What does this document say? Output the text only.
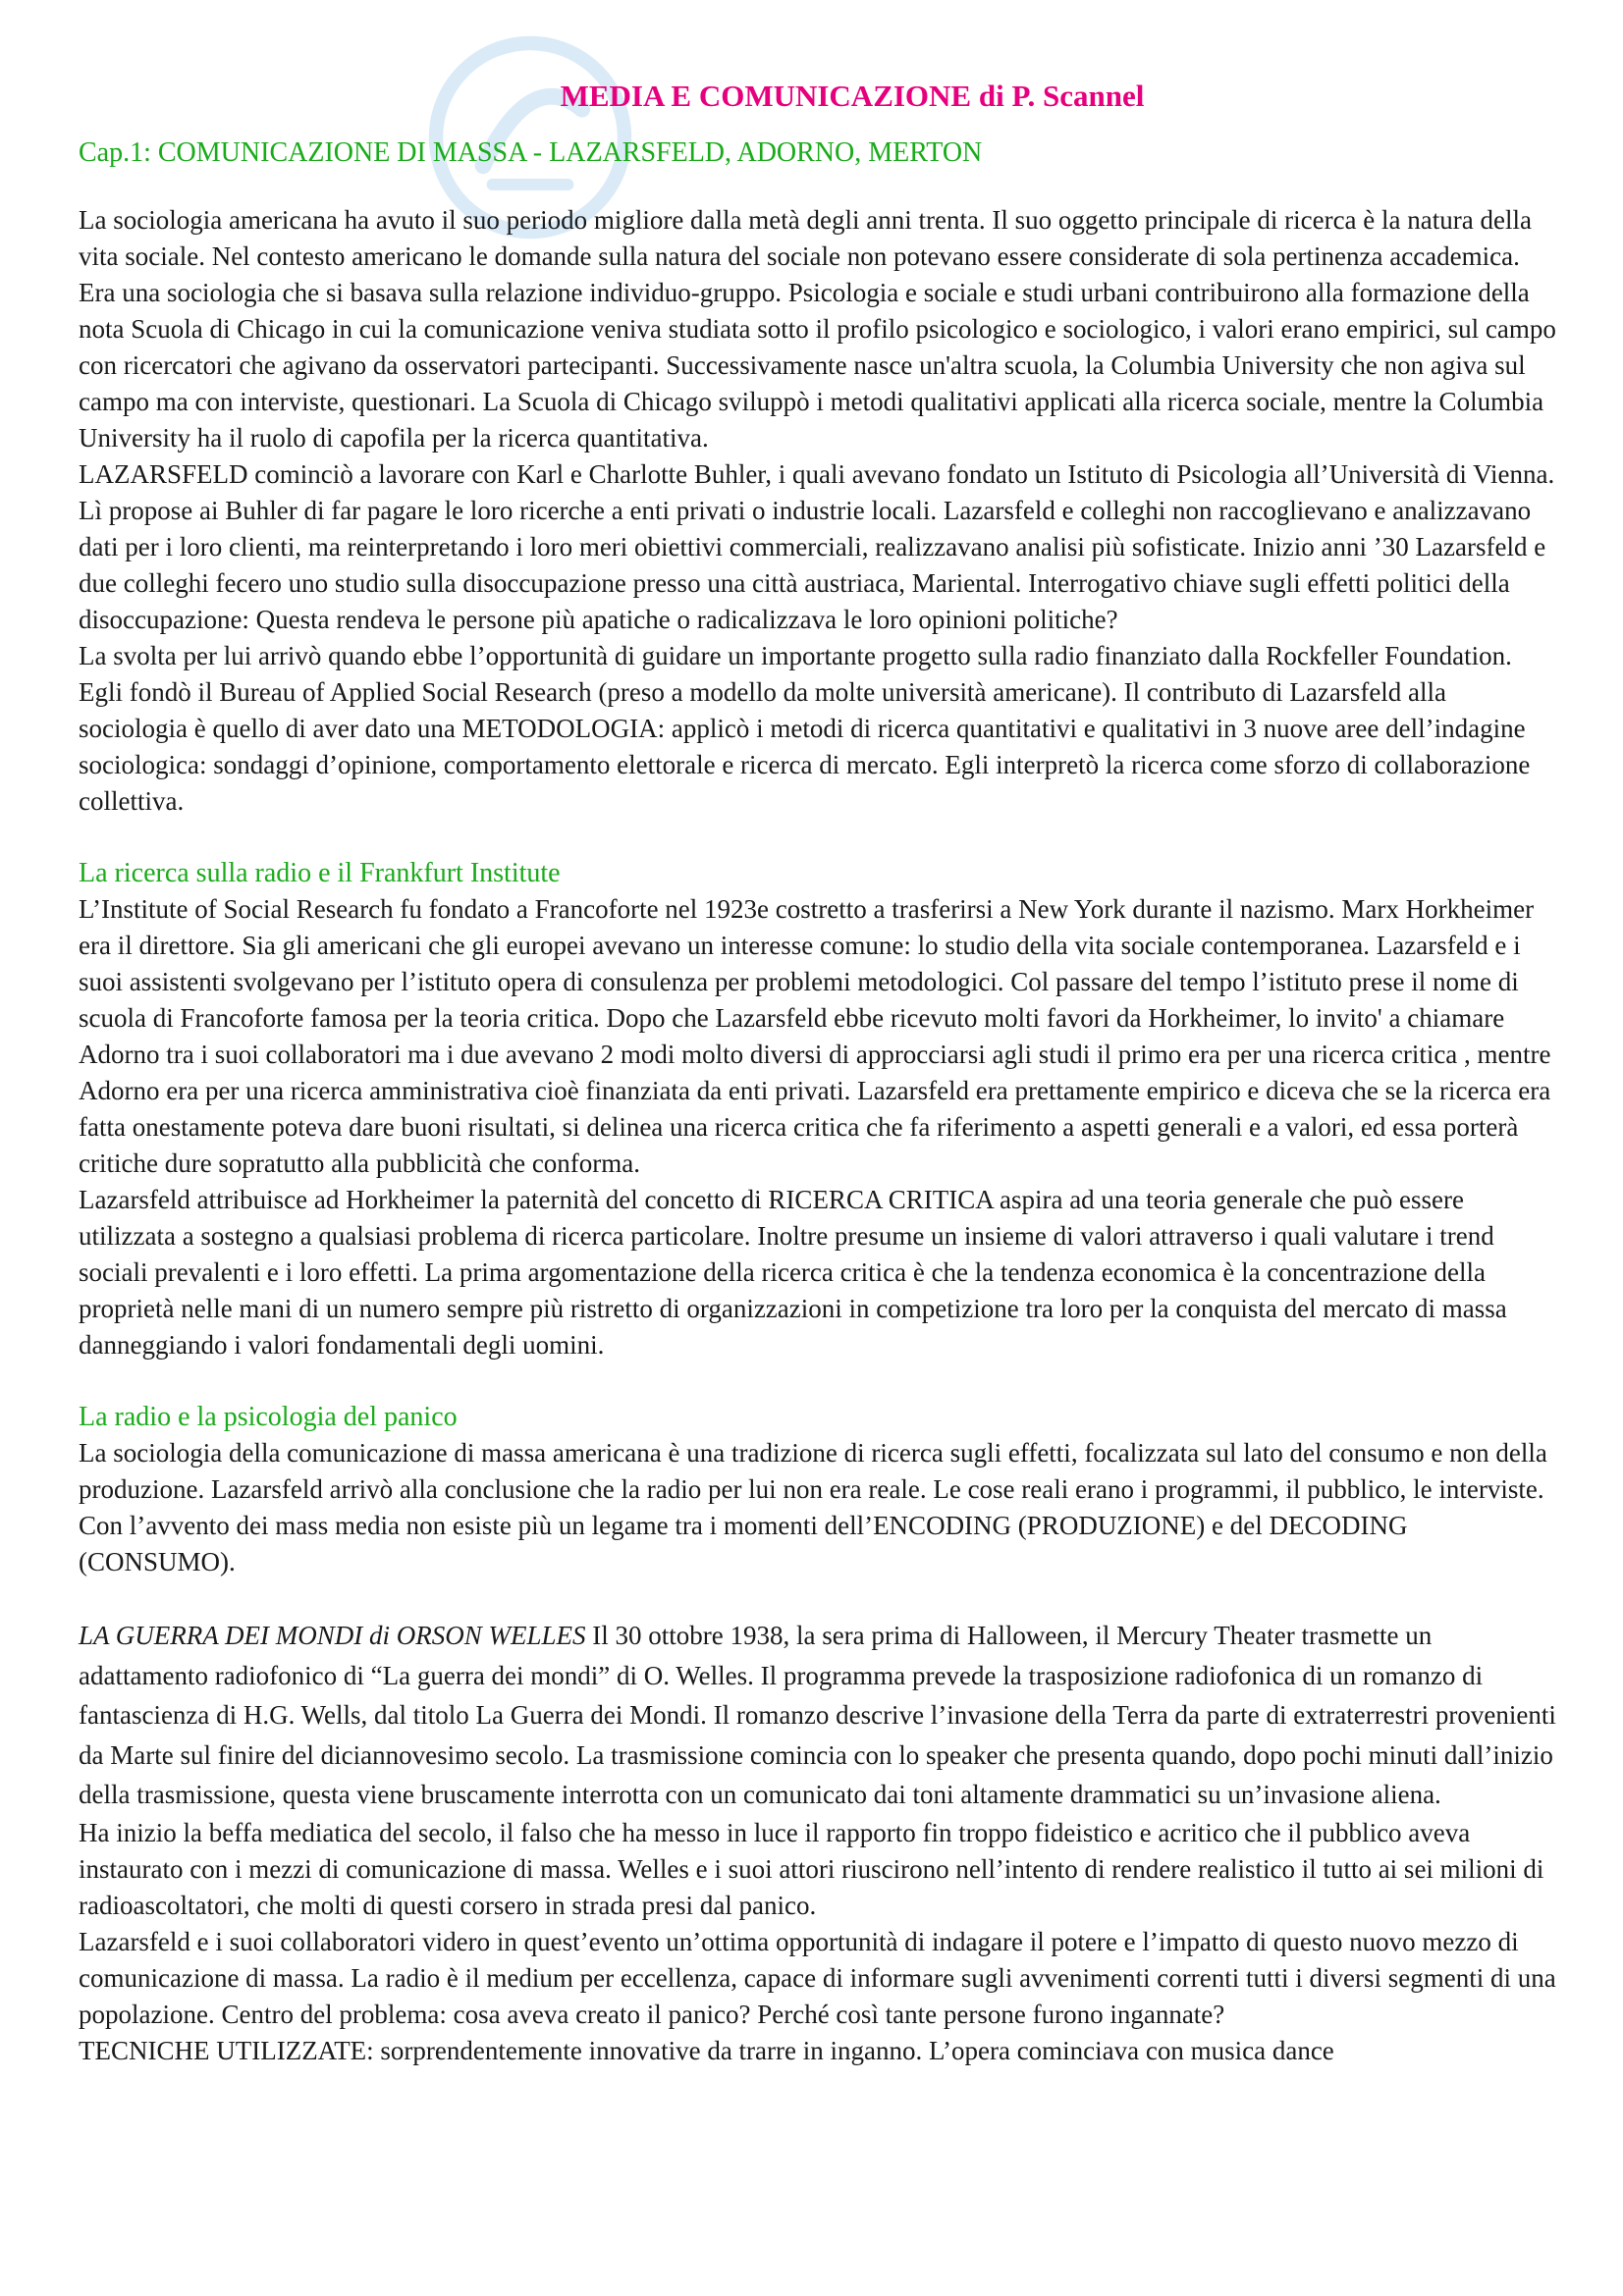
MEDIA E COMUNICAZIONE di P. Scannel
Cap.1: COMUNICAZIONE DI MASSA - LAZARSFELD, ADORNO, MERTON

La sociologia americana ha avuto il suo periodo migliore dalla metà degli anni trenta. Il suo oggetto principale di ricerca è la natura della vita sociale. Nel contesto americano le domande sulla natura del sociale non potevano essere considerate di sola pertinenza accademica. Era una sociologia che si basava sulla relazione individuo-gruppo. Psicologia e sociale e studi urbani contribuirono alla formazione della nota Scuola di Chicago in cui la comunicazione veniva studiata sotto il profilo psicologico e sociologico, i valori erano empirici, sul campo con ricercatori che agivano da osservatori partecipanti. Successivamente nasce un'altra scuola, la Columbia University che non agiva sul campo ma con interviste, questionari. La Scuola di Chicago sviluppò i metodi qualitativi applicati alla ricerca sociale, mentre la Columbia University ha il ruolo di capofila per la ricerca quantitativa.

LAZARSFELD cominciò a lavorare con Karl e Charlotte Buhler, i quali avevano fondato un Istituto di Psicologia all’Università di Vienna. Lì propose ai Buhler di far pagare le loro ricerche a enti privati o industrie locali. Lazarsfeld e colleghi non raccoglievano e analizzavano dati per i loro clienti, ma reinterpretando i loro meri obiettivi commerciali, realizzavano analisi più sofisticate. Inizio anni ’30 Lazarsfeld e due colleghi fecero uno studio sulla disoccupazione presso una città austriaca, Mariental. Interrogativo chiave sugli effetti politici della disoccupazione: Questa rendeva le persone più apatiche o radicalizzava le loro opinioni politiche?

La svolta per lui arrivò quando ebbe l’opportunità di guidare un importante progetto sulla radio finanziato dalla Rockfeller Foundation. Egli fondò il Bureau of Applied Social Research (preso a modello da molte università americane). Il contributo di Lazarsfeld alla sociologia è quello di aver dato una METODOLOGIA: applicò i metodi di ricerca quantitativi e qualitativi in 3 nuove aree dell’indagine sociologica: sondaggi d’opinione, comportamento elettorale e ricerca di mercato. Egli interpretò la ricerca come sforzo di collaborazione collettiva.

La ricerca sulla radio e il Frankfurt Institute

L’Institute of Social Research fu fondato a Francoforte nel 1923e costretto a trasferirsi a New York durante il nazismo. Marx Horkheimer era il direttore. Sia gli americani che gli europei avevano un interesse comune: lo studio della vita sociale contemporanea. Lazarsfeld e i suoi assistenti svolgevano per l’istituto opera di consulenza per problemi metodologici. Col passare del tempo l’istituto prese il nome di scuola di Francoforte famosa per la teoria critica. Dopo che Lazarsfeld ebbe ricevuto molti favori da Horkheimer, lo invito' a chiamare Adorno tra i suoi collaboratori ma i due avevano 2 modi molto diversi di approcciarsi agli studi il primo era per una ricerca critica , mentre Adorno era per una ricerca amministrativa cioè finanziata da enti privati. Lazarsfeld era prettamente empirico e diceva che se la ricerca era fatta onestamente poteva dare buoni risultati, si delinea una ricerca critica che fa riferimento a aspetti generali e a valori, ed essa porterà critiche dure sopratutto alla pubblicità che conforma.

Lazarsfeld attribuisce ad Horkheimer la paternità del concetto di RICERCA CRITICA aspira ad una teoria generale che può essere utilizzata a sostegno a qualsiasi problema di ricerca particolare. Inoltre presume un insieme di valori attraverso i quali valutare i trend sociali prevalenti e i loro effetti. La prima argomentazione della ricerca critica è che la tendenza economica è la concentrazione della proprietà nelle mani di un numero sempre più ristretto di organizzazioni in competizione tra loro per la conquista del mercato di massa danneggiando i valori fondamentali degli uomini.

La radio e la psicologia del panico

La sociologia della comunicazione di massa americana è una tradizione di ricerca sugli effetti, focalizzata sul lato del consumo e non della produzione. Lazarsfeld arrivò alla conclusione che la radio per lui non era reale. Le cose reali erano i programmi, il pubblico, le interviste. Con l’avvento dei mass media non esiste più un legame tra i momenti dell’ENCODING (PRODUZIONE) e del DECODING (CONSUMO).

LA GUERRA DEI MONDI di ORSON WELLES Il 30 ottobre 1938, la sera prima di Halloween, il Mercury Theater trasmette un adattamento radiofonico di “La guerra dei mondi” di O. Welles. Il programma prevede la trasposizione radiofonica di un romanzo di fantascienza di H.G. Wells, dal titolo La Guerra dei Mondi. Il romanzo descrive l’invasione della Terra da parte di extraterrestri provenienti da Marte sul finire del diciannovesimo secolo. La trasmissione comincia con lo speaker che presenta quando, dopo pochi minuti dall’inizio della trasmissione, questa viene bruscamente interrotta con un comunicato dai toni altamente drammatici su un’invasione aliena.

Ha inizio la beffa mediatica del secolo, il falso che ha messo in luce il rapporto fin troppo fideistico e acritico che il pubblico aveva instaurato con i mezzi di comunicazione di massa. Welles e i suoi attori riuscirono nell’intento di rendere realistico il tutto ai sei milioni di radioascoltatori, che molti di questi corsero in strada presi dal panico.

Lazarsfeld e i suoi collaboratori videro in quest’evento un’ottima opportunità di indagare il potere e l’impatto di questo nuovo mezzo di comunicazione di massa. La radio è il medium per eccellenza, capace di informare sugli avvenimenti correnti tutti i diversi segmenti di una popolazione. Centro del problema: cosa aveva creato il panico? Perché così tante persone furono ingannate?

TECNICHE UTILIZZATE: sorprendentemente innovative da trarre in inganno. L’opera cominciava con musica dance
